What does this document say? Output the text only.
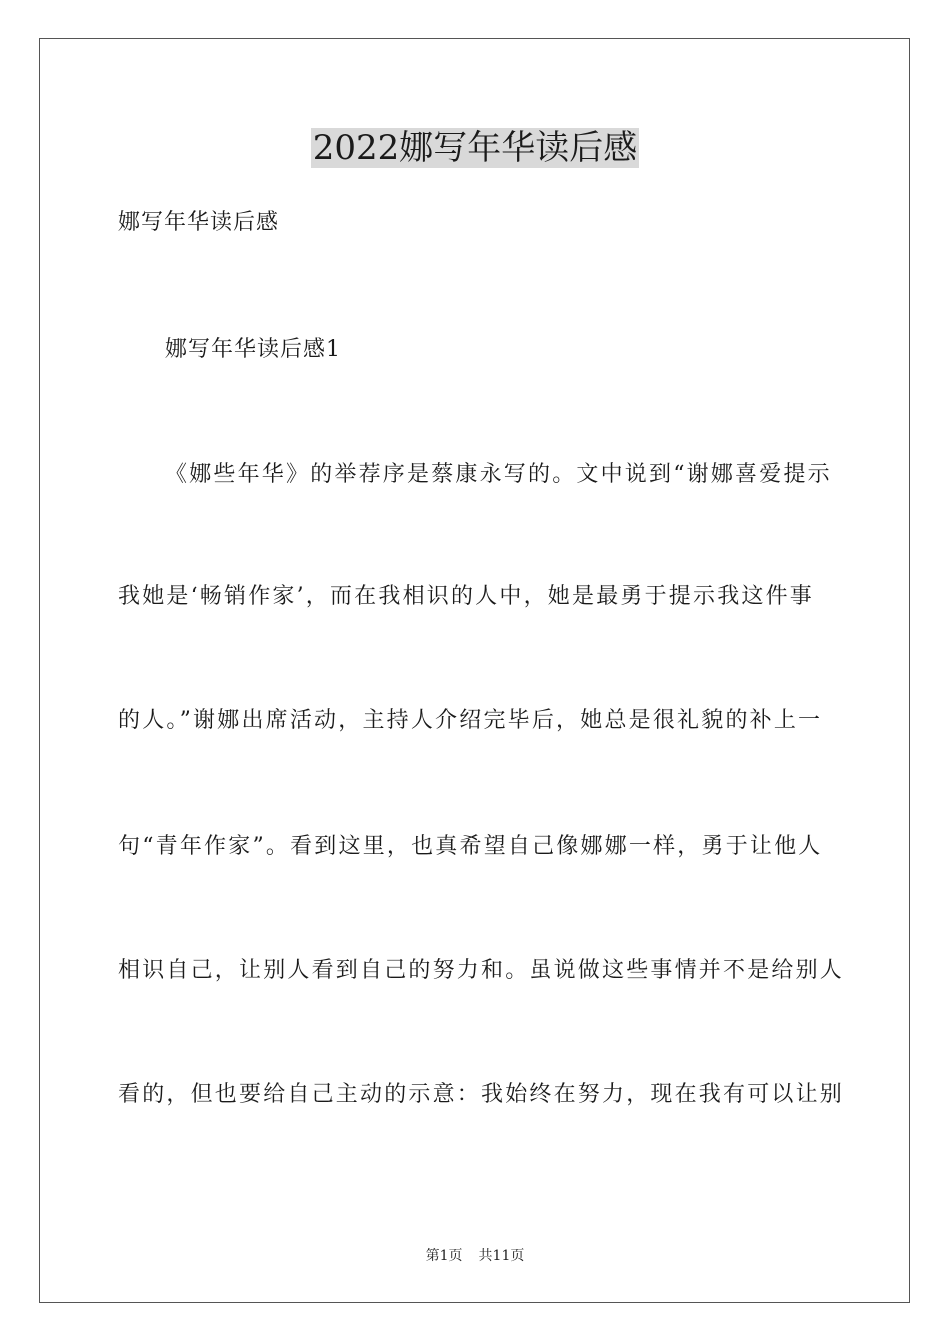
2022娜写年华读后感
娜写年华读后感
娜写年华读后感1
《娜些年华》的举荐序是蔡康永写的。文中说到“谢娜喜爱提示
我她是‘畅销作家’，而在我相识的人中，她是最勇于提示我这件事
的人。”谢娜出席活动，主持人介绍完毕后，她总是很礼貌的补上一
句“青年作家”。看到这里，也真希望自己像娜娜一样，勇于让他人
相识自己，让别人看到自己的努力和。虽说做这些事情并不是给别人
看的，但也要给自己主动的示意：我始终在努力，现在我有可以让别
第1页 共11页
